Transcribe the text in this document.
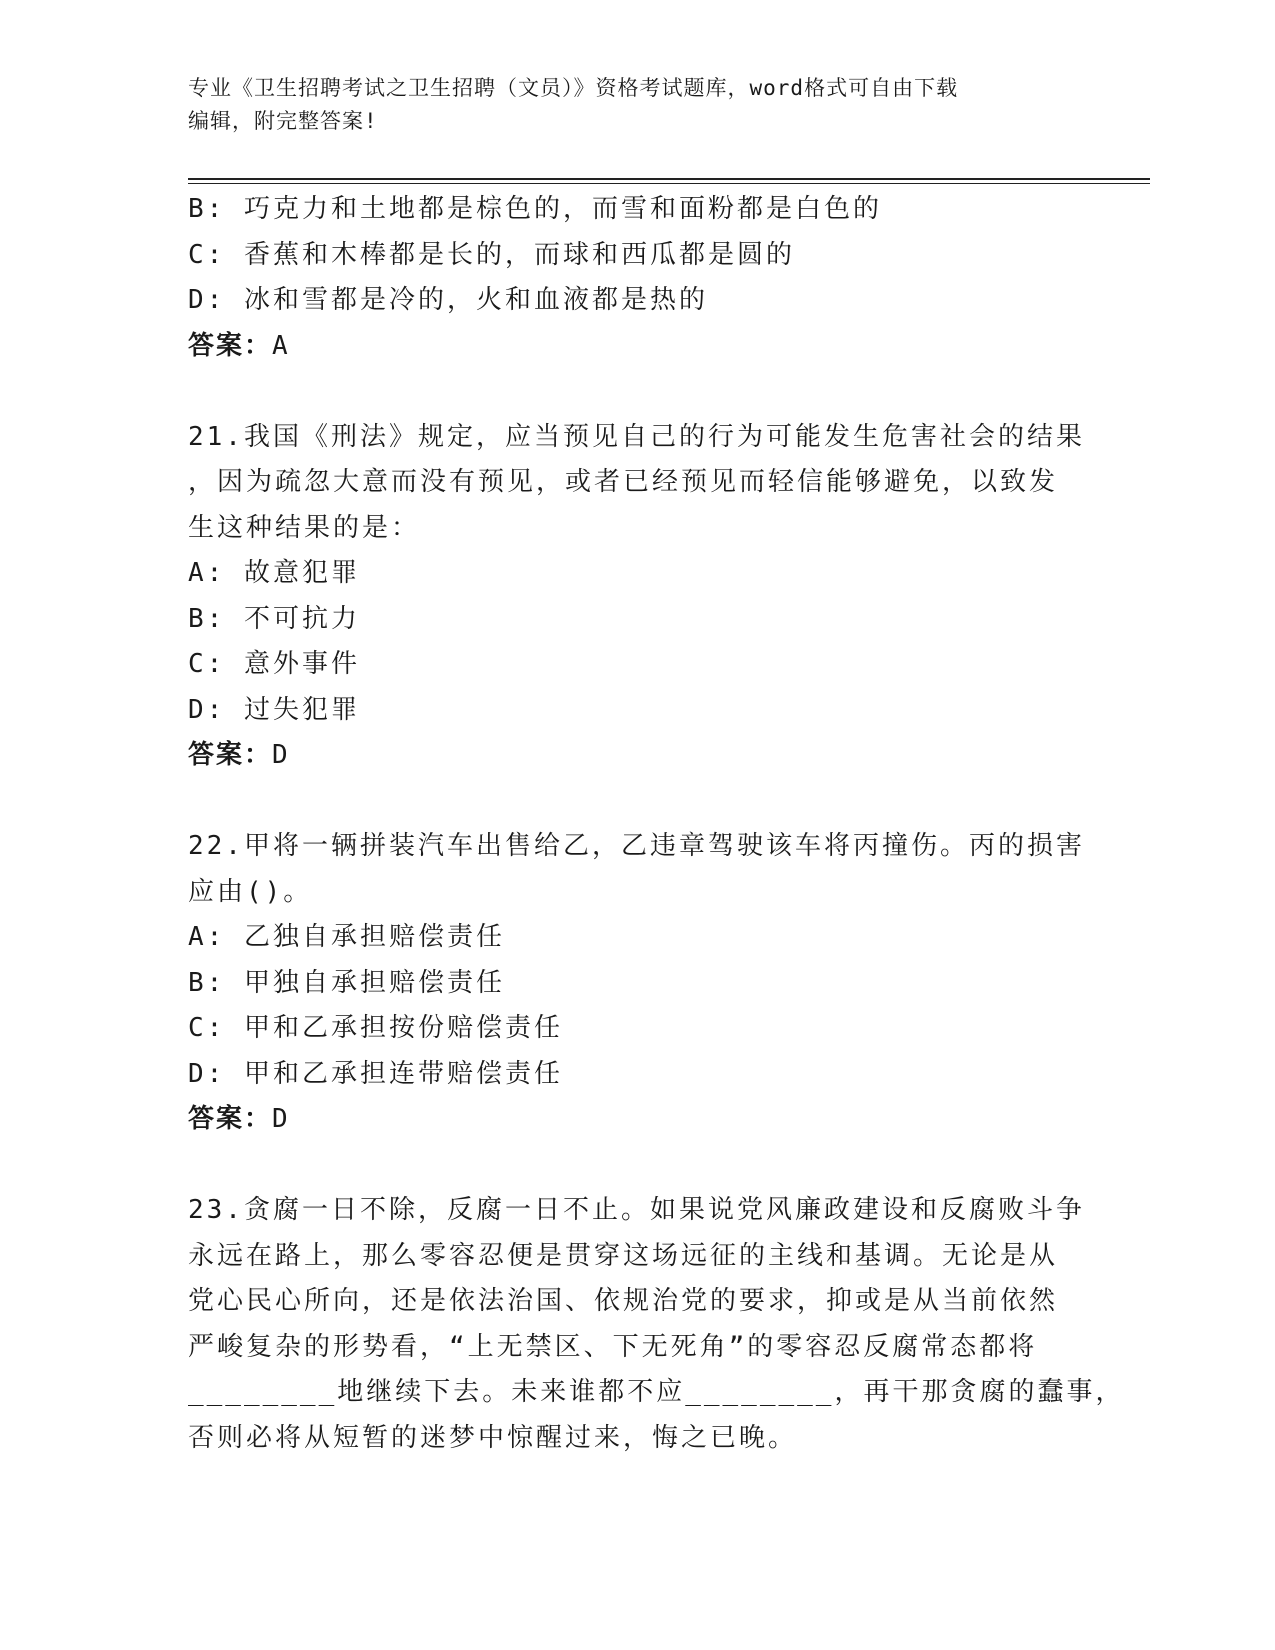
专业《卫生招聘考试之卫生招聘（文员）》资格考试题库，word格式可自由下载
编辑，附完整答案!

B: 巧克力和土地都是棕色的，而雪和面粉都是白色的

C: 香蕉和木棒都是长的，而球和西瓜都是圆的

D: 冰和雪都是冷的，火和血液都是热的

答案：A

21.我国《刑法》规定，应当预见自己的行为可能发生危害社会的结果

，因为疏忽大意而没有预见，或者已经预见而轻信能够避免，以致发

生这种结果的是：

A: 故意犯罪

B: 不可抗力

C: 意外事件

D: 过失犯罪

答案：D

22.甲将一辆拼装汽车出售给乙，乙违章驾驶该车将丙撞伤。丙的损害

应由()。

A: 乙独自承担赔偿责任

B: 甲独自承担赔偿责任

C: 甲和乙承担按份赔偿责任

D: 甲和乙承担连带赔偿责任

答案：D

23.贪腐一日不除，反腐一日不止。如果说党风廉政建设和反腐败斗争

永远在路上，那么零容忍便是贯穿这场远征的主线和基调。无论是从

党心民心所向，还是依法治国、依规治党的要求，抑或是从当前依然

严峻复杂的形势看，“上无禁区、下无死角”的零容忍反腐常态都将

________地继续下去。未来谁都不应________，再干那贪腐的蠢事，

否则必将从短暂的迷梦中惊醒过来，悔之已晚。
